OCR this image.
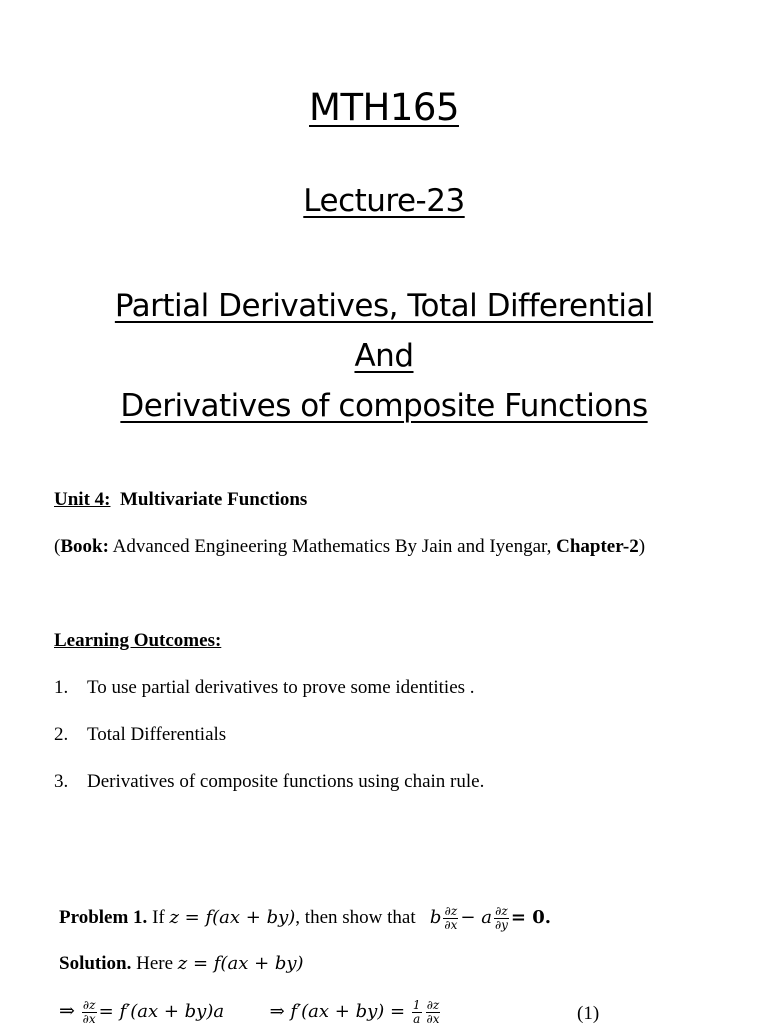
MTH165
Lecture-23
Partial Derivatives, Total Differential
And
Derivatives of composite Functions
Unit 4: Multivariate Functions
(Book: Advanced Engineering Mathematics By Jain and Iyengar, Chapter-2)
Learning Outcomes:
1. To use partial derivatives to prove some identities .
2. Total Differentials
3. Derivatives of composite functions using chain rule.
Problem 1. If z = f(ax + by), then show that b $\frac{\partial z}{\partial x} - a \frac{\partial z}{\partial y} = 0$.
Solution. Here z = f(ax + by)
⇒ $\frac{\partial z}{\partial x} = f'(ax + by)a$	⇒ $f'(ax + by) = \frac{1}{a} \frac{\partial z}{\partial x}$	(1)
